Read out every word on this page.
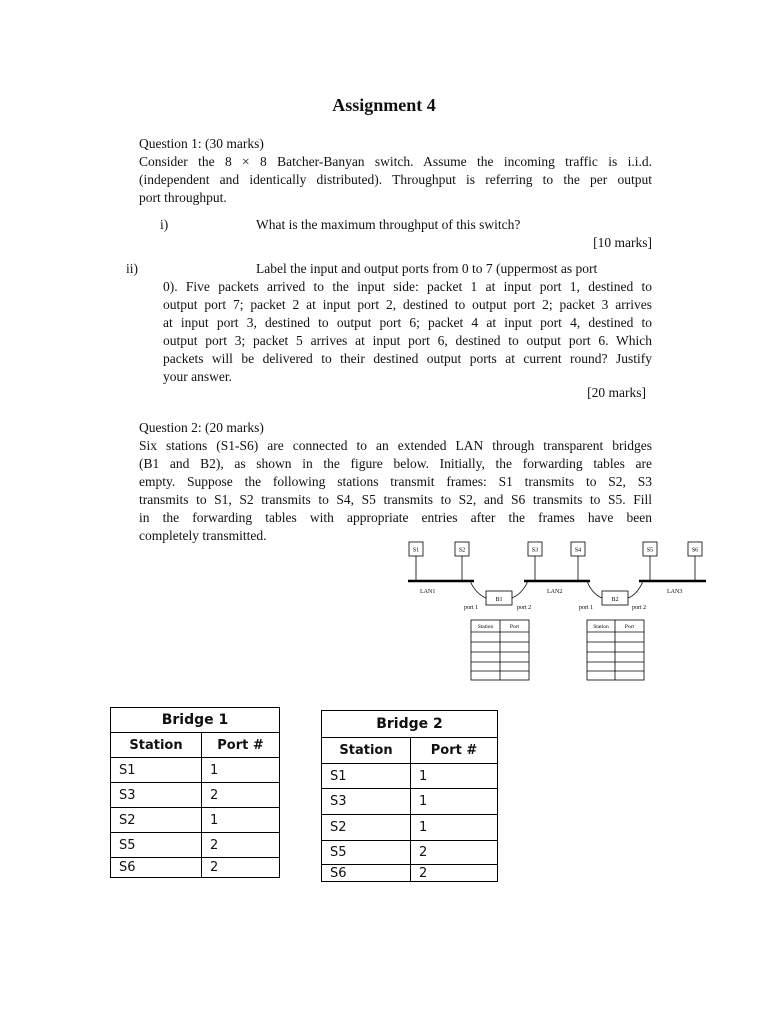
Assignment 4
Question 1: (30 marks)
Consider the 8 × 8 Batcher-Banyan switch. Assume the incoming traffic is i.i.d.
(independent and identically distributed). Throughput is referring to the per output
port throughput.
i)	What is the maximum throughput of this switch?
[10 marks]
ii)	Label the input and output ports from 0 to 7 (uppermost as port
0). Five packets arrived to the input side: packet 1 at input port 1, destined to
output port 7; packet 2 at input port 2, destined to output port 2; packet 3 arrives
at input port 3, destined to output port 6; packet 4 at input port 4, destined to
output port 3; packet 5 arrives at input port 6, destined to output port 6. Which
packets will be delivered to their destined output ports at current round? Justify
your answer.
[20 marks]
Question 2: (20 marks)
Six stations (S1-S6) are connected to an extended LAN through transparent bridges
(B1 and B2), as shown in the figure below. Initially, the forwarding tables are
empty. Suppose the following stations transmit frames: S1 transmits to S2, S3
transmits to S1, S2 transmits to S4, S5 transmits to S2, and S6 transmits to S5. Fill
in the forwarding tables with appropriate entries after the frames have been
completely transmitted.
S1	S2	S3	S4	S5	S6
LAN1	LAN2	LAN3
B1
port 1	port 2
B2
port 1	port 2
Station	Port	Station	Port
Bridge 1	
Station	Port #
S1	1
S3	2
S2	1
S5	2
S6	2
Bridge 2	
Station	Port #
S1	1
S3	1
S2	1
S5	2
S6	2
